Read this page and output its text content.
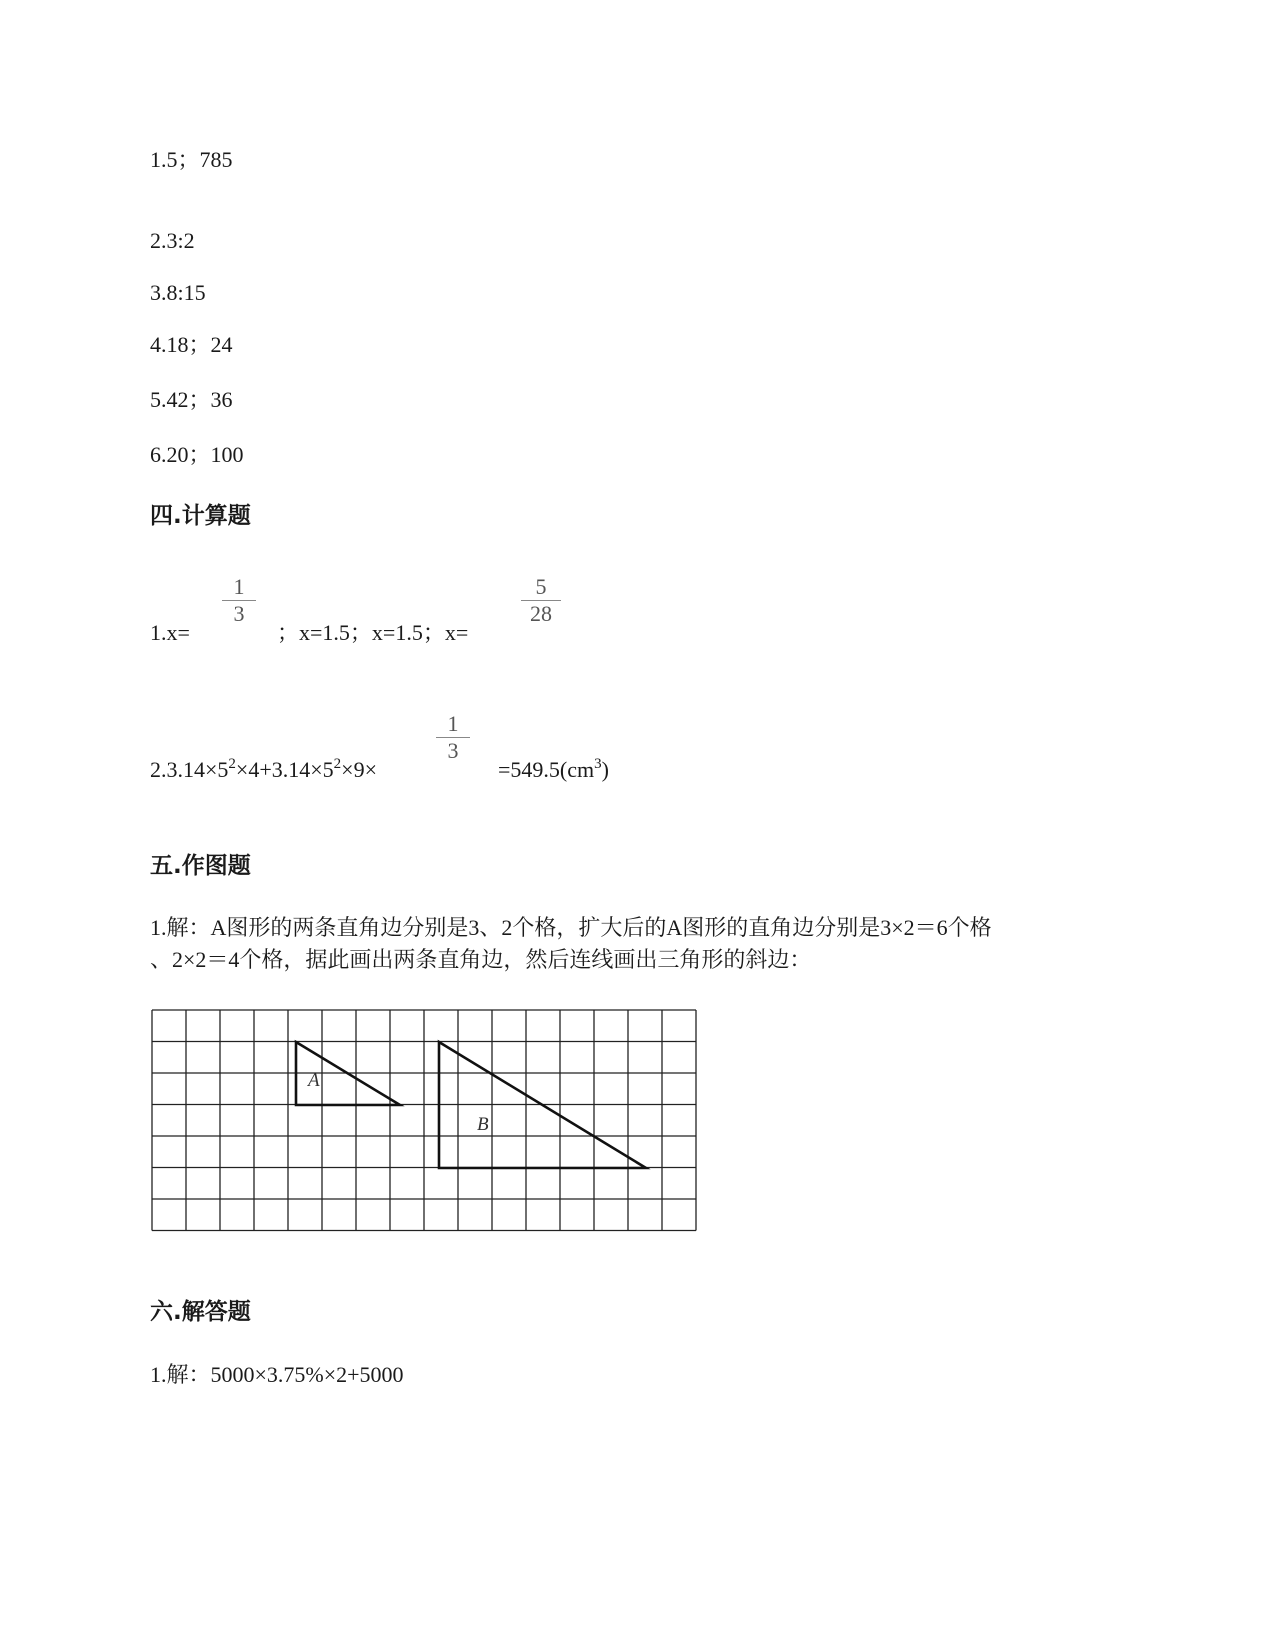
1.5；785
2.3:2
3.8:15
4.18；24
5.42；36
6.20；100
四.计算题
1.x=
1
3
；x=1.5；x=1.5；x=
5
28
$2.3.14\times 5^2\times 4+3.14\times 5^2\times 9\times$
1
3
$=549.5(cm^3)$
五.作图题
1.解：A图形的两条直角边分别是3、2个格，扩大后的A图形的直角边分别是3×2＝6个格
、2×2＝4个格，据此画出两条直角边，然后连线画出三角形的斜边：
A
B
六.解答题
1.解：5000×3.75%×2+5000
